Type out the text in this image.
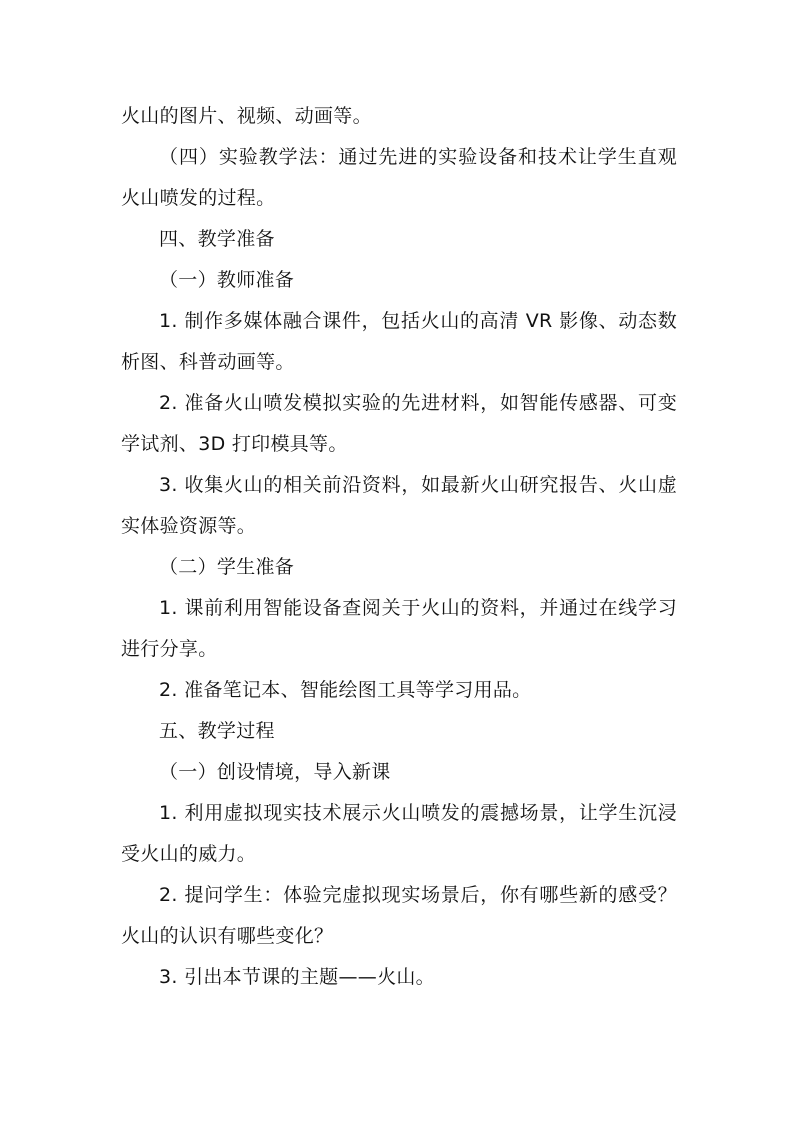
火山的图片、视频、动画等。
（四）实验教学法：通过先进的实验设备和技术让学生直观
火山喷发的过程。
四、教学准备
（一）教师准备
1. 制作多媒体融合课件，包括火山的高清 VR 影像、动态数
析图、科普动画等。
2. 准备火山喷发模拟实验的先进材料，如智能传感器、可变
学试剂、3D 打印模具等。
3. 收集火山的相关前沿资料，如最新火山研究报告、火山虚
实体验资源等。
（二）学生准备
1. 课前利用智能设备查阅关于火山的资料，并通过在线学习
进行分享。
2. 准备笔记本、智能绘图工具等学习用品。
五、教学过程
（一）创设情境，导入新课
1. 利用虚拟现实技术展示火山喷发的震撼场景，让学生沉浸
受火山的威力。
2. 提问学生：体验完虚拟现实场景后，你有哪些新的感受？
火山的认识有哪些变化？
3. 引出本节课的主题——火山。
